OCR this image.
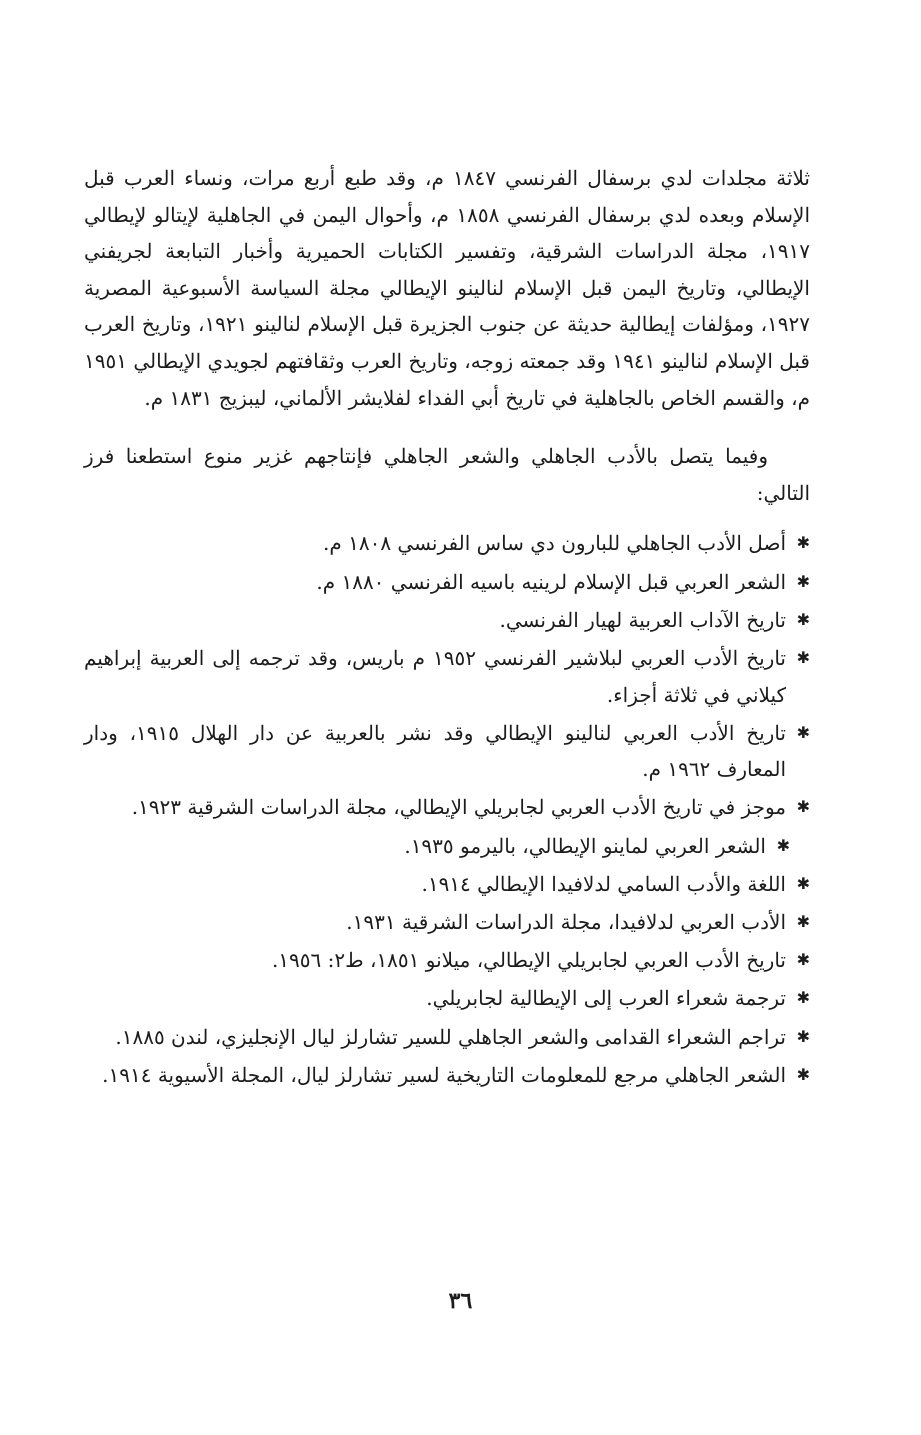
ثلاثة مجلدات لدي برسفال الفرنسي ١٨٤٧ م، وقد طبع أربع مرات، ونساء العرب قبل الإسلام وبعده لدي برسفال الفرنسي ١٨٥٨ م، وأحوال اليمن في الجاهلية لإيتالو لإيطالي ١٩١٧، مجلة الدراسات الشرقية، وتفسير الكتابات الحميرية وأخبار التبابعة لجريفني الإيطالي، وتاريخ اليمن قبل الإسلام لنالينو الإيطالي مجلة السياسة الأسبوعية المصرية ١٩٢٧، ومؤلفات إيطالية حديثة عن جنوب الجزيرة قبل الإسلام لنالينو ١٩٢١، وتاريخ العرب قبل الإسلام لنالينو ١٩٤١ وقد جمعته زوجه، وتاريخ العرب وثقافتهم لجويدي الإيطالي ١٩٥١ م، والقسم الخاص بالجاهلية في تاريخ أبي الفداء لفلايشر الألماني، ليبزيج ١٨٣١ م.

وفيما يتصل بالأدب الجاهلي والشعر الجاهلي فإنتاجهم غزير منوع استطعنا فرز التالي:

✱
أصل الأدب الجاهلي للبارون دي ساس الفرنسي ١٨٠٨ م.
✱
الشعر العربي قبل الإسلام لرينيه باسيه الفرنسي ١٨٨٠ م.
✱
تاريخ الآداب العربية لهيار الفرنسي.
✱
تاريخ الأدب العربي لبلاشير الفرنسي ١٩٥٢ م باريس، وقد ترجمه إلى العربية إبراهيم كيلاني في ثلاثة أجزاء.
✱
تاريخ الأدب العربي لنالينو الإيطالي وقد نشر بالعربية عن دار الهلال ١٩١٥، ودار المعارف ١٩٦٢ م.
✱
موجز في تاريخ الأدب العربي لجابريلي الإيطالي، مجلة الدراسات الشرقية ١٩٢٣.
✱
الشعر العربي لماينو الإيطالي، باليرمو ١٩٣٥.
✱
اللغة والأدب السامي لدلافيدا الإيطالي ١٩١٤.
✱
الأدب العربي لدلافيدا، مجلة الدراسات الشرقية ١٩٣١.
✱
تاريخ الأدب العربي لجابريلي الإيطالي، ميلانو ١٨٥١، ط٢: ١٩٥٦.
✱
ترجمة شعراء العرب إلى الإيطالية لجابريلي.
✱
تراجم الشعراء القدامى والشعر الجاهلي للسير تشارلز ليال الإنجليزي، لندن ١٨٨٥.
✱
الشعر الجاهلي مرجع للمعلومات التاريخية لسير تشارلز ليال، المجلة الأسيوية ١٩١٤.
٣٦
